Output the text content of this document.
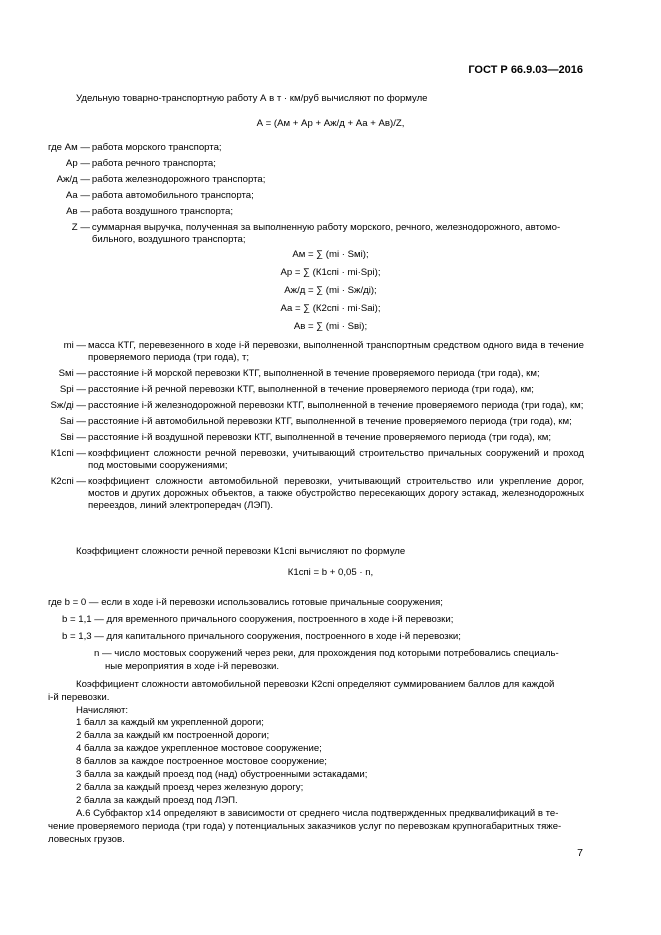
ГОСТ Р 66.9.03—2016
Удельную товарно-транспортную работу А в т · км/руб вычисляют по формуле
А = (Ам + Ар + Аж/д + Аа + Ав)/Z,
где Ам —	работа морского транспорта;
Ар —	работа речного транспорта;
Аж/д —	работа железнодорожного транспорта;
Аа —	работа автомобильного транспорта;
Ав —	работа воздушного транспорта;
Z —	суммарная выручка, полученная за выполненную работу морского, речного, железнодорожного, автомо-
	бильного, воздушного транспорта;
Ам = ∑ (mi · Sмi);
Ар = ∑ (К1спi · mi·Spi);
Аж/д = ∑ (mi · Sж/дi);
Аа = ∑ (К2спi · mi·Sai);
Ав = ∑ (mi · Sвi);
mi —	масса КТГ, перевезенного в ходе i-й перевозки, выполненной транспортным средством одного вида в течение проверяемого периода (три года), т;
Sмi —	расстояние i-й морской перевозки КТГ, выполненной в течение проверяемого периода (три года), км;
Spi —	расстояние i-й речной перевозки КТГ, выполненной в течение проверяемого периода (три года), км;
Sж/дi —	расстояние i-й железнодорожной перевозки КТГ, выполненной в течение проверяемого периода (три года), км;
Sai —	расстояние i-й автомобильной перевозки КТГ, выполненной в течение проверяемого периода (три года), км;
Sвi —	расстояние i-й воздушной перевозки КТГ, выполненной в течение проверяемого периода (три года), км;
К1спi —	коэффициент сложности речной перевозки, учитывающий строительство причальных сооружений и проход под мостовыми сооружениями;
К2спi —	коэффициент сложности автомобильной перевозки, учитывающий строительство или укрепление дорог, мостов и других дорожных объектов, а также обустройство пересекающих дорогу эстакад, железнодорожных переездов, линий электропередач (ЛЭП).
Коэффициент сложности речной перевозки К1спi вычисляют по формуле
К1спi = b + 0,05 · n,
где b = 0 — если в ходе i-й перевозки использовались готовые причальные сооружения;
b = 1,1 — для временного причального сооружения, построенного в ходе i-й перевозки;
b = 1,3 — для капитального причального сооружения, построенного в ходе i-й перевозки;
n — число мостовых сооружений через реки, для прохождения под которыми потребовались специаль-
ные мероприятия в ходе i-й перевозки.
Коэффициент сложности автомобильной перевозки К2спi определяют суммированием баллов для каждой
i-й перевозки.
Начисляют:
1 балл за каждый км укрепленной дороги;
2 балла за каждый км построенной дороги;
4 балла за каждое укрепленное мостовое сооружение;
8 баллов за каждое построенное мостовое сооружение;
3 балла за каждый проезд под (над) обустроенными эстакадами;
2 балла за каждый проезд через железную дорогу;
2 балла за каждый проезд под ЛЭП.
А.6 Субфактор х14 определяют в зависимости от среднего числа подтвержденных предквалификаций в те-
чение проверяемого периода (три года) у потенциальных заказчиков услуг по перевозкам крупногабаритных тяже-
ловесных грузов.
7
